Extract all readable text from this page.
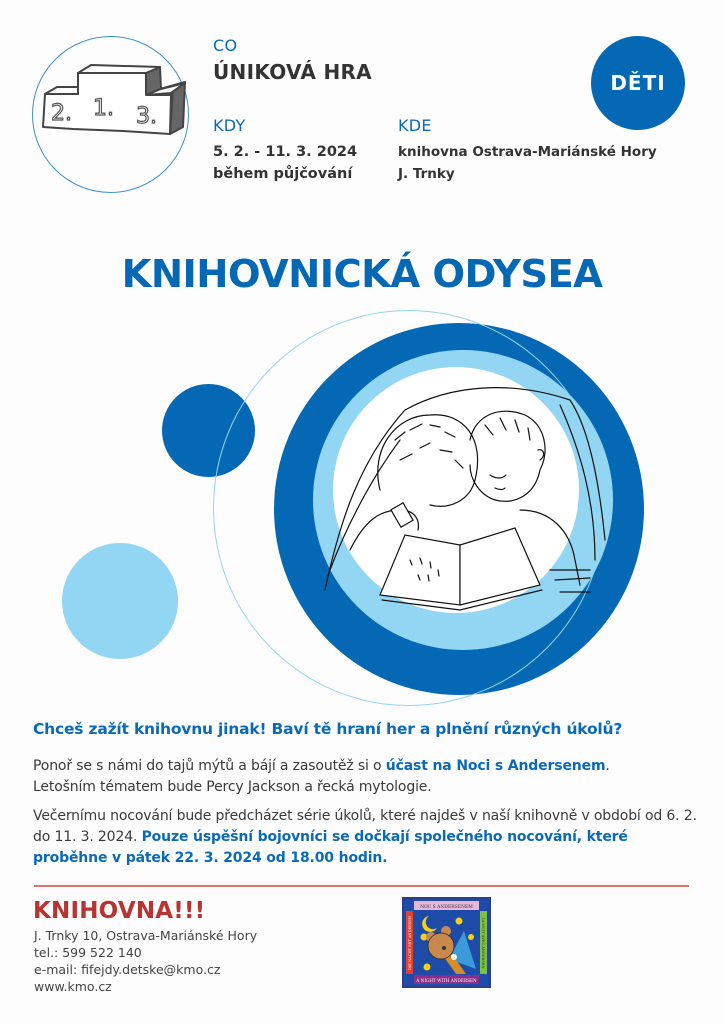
2. 1. 3.
CO
ÚNIKOVÁ HRA
KDY
5. 2. - 11. 3. 2024
během půjčování
KDE
knihovna Ostrava-Mariánské Hory
J. Trnky
DĚTI
KNIHOVNICKÁ ODYSEA
Chceš zažít knihovnu jinak! Baví tě hraní her a plnění různých úkolů?
Ponoř se s námi do tajů mýtů a bájí a zasoutěž si o účast na Noci s Andersenem.
Letošním tématem bude Percy Jackson a řecká mytologie.
Večernímu nocování bude předcházet série úkolů, které najdeš v naší knihovně v období od 6. 2. do 11. 3. 2024. Pouze úspěšní bojovníci se dočkají společného nocování, které proběhne v pátek 22. 3. 2024 od 18.00 hodin.
KNIHOVNA!!!
J. Trnky 10, Ostrava-Mariánské Hory
tel.: 599 522 140
e-mail: fifejdy.detske@kmo.cz
www.kmo.cz
NOC S ANDERSENEM
A NIGHT WITH ANDERSEN
DIE NACHT MIT ANDERSEN	LA NUIT AVEC ANDERSEN
